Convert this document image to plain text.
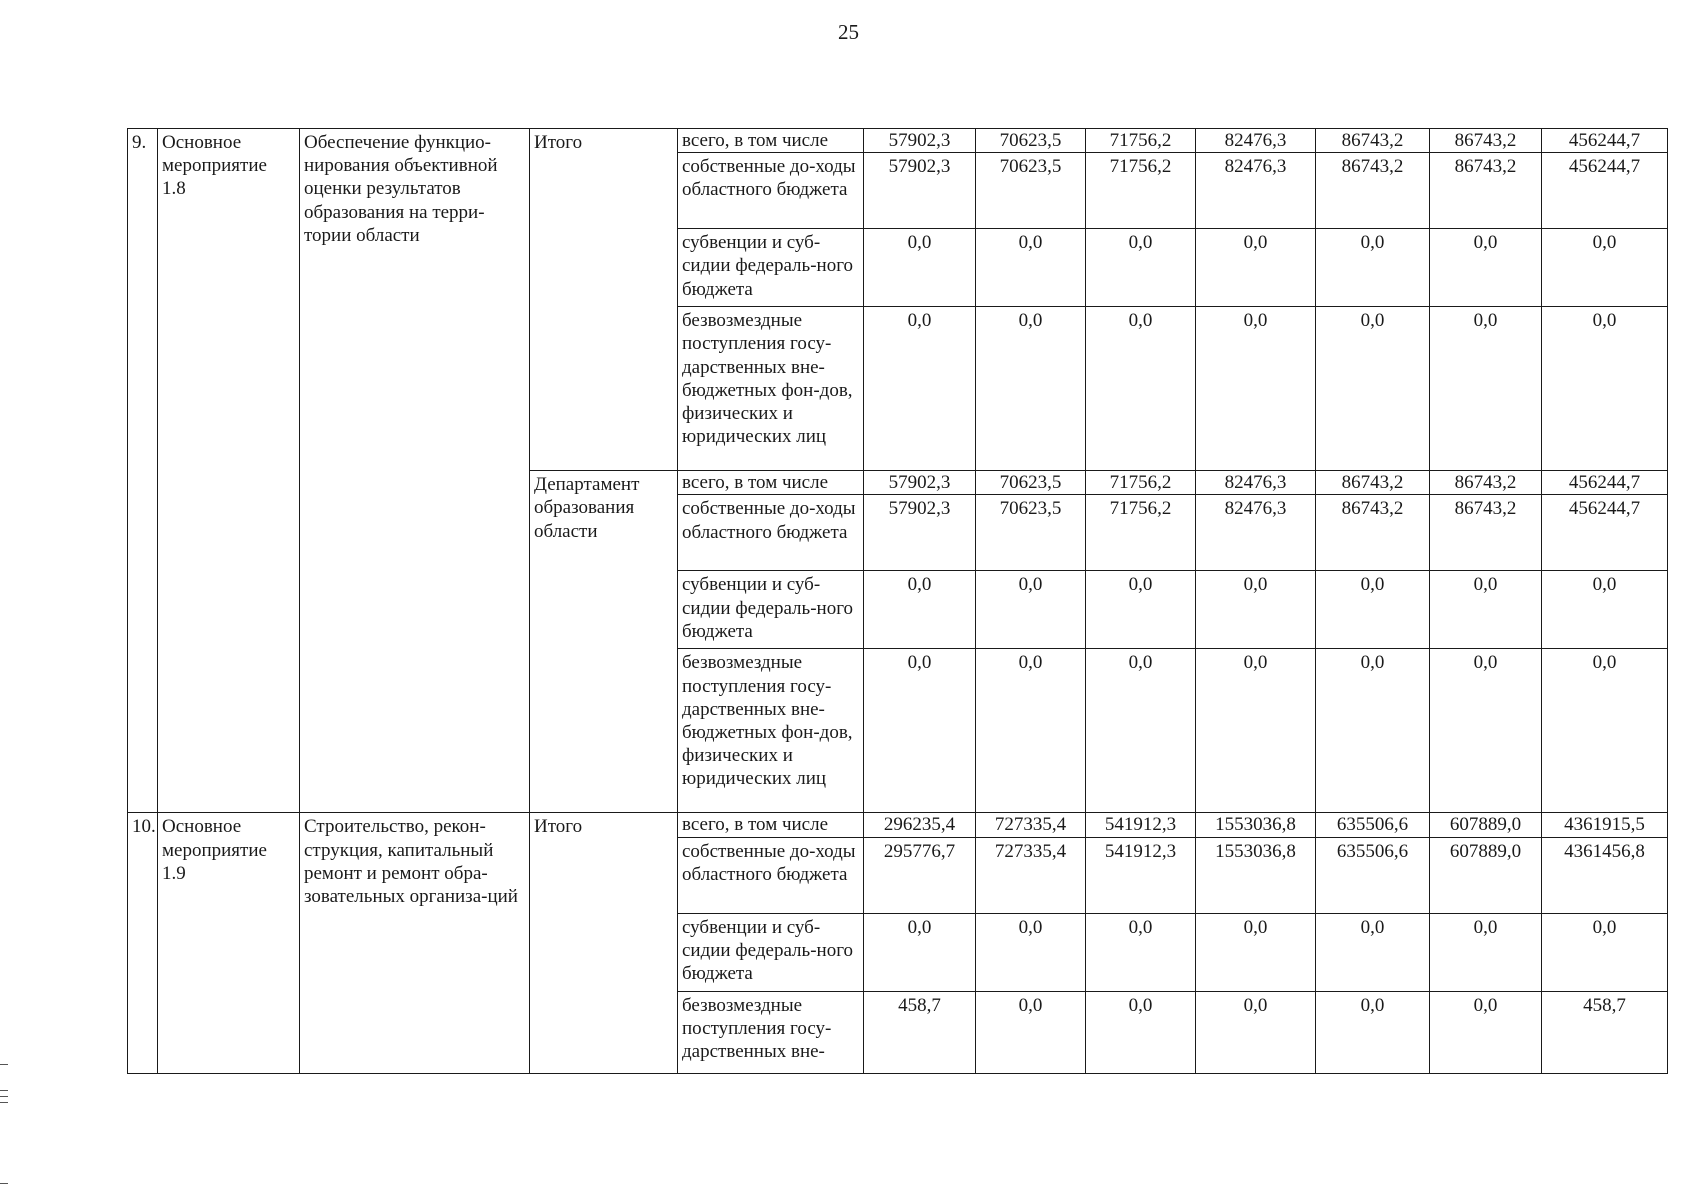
25
9.	Основное мероприятие 1.8	Обеспечение функцио-нирования объективной оценки результатов образования на терри-тории области	Итого	всего, в том числе	57902,3	70623,5	71756,2	82476,3	86743,2	86743,2	456244,7
				собственные до-ходы областного бюджета	57902,3	70623,5	71756,2	82476,3	86743,2	86743,2	456244,7
				субвенции и суб-сидии федераль-ного бюджета	0,0	0,0	0,0	0,0	0,0	0,0	0,0
				безвозмездные поступления госу-дарственных вне-бюджетных фон-дов, физических и юридических лиц	0,0	0,0	0,0	0,0	0,0	0,0	0,0
			Департамент образования области	всего, в том числе	57902,3	70623,5	71756,2	82476,3	86743,2	86743,2	456244,7
				собственные до-ходы областного бюджета	57902,3	70623,5	71756,2	82476,3	86743,2	86743,2	456244,7
				субвенции и суб-сидии федераль-ного бюджета	0,0	0,0	0,0	0,0	0,0	0,0	0,0
				безвозмездные поступления госу-дарственных вне-бюджетных фон-дов, физических и юридических лиц	0,0	0,0	0,0	0,0	0,0	0,0	0,0
10.	Основное мероприятие 1.9	Строительство, рекон-струкция, капитальный ремонт и ремонт обра-зовательных организа-ций	Итого	всего, в том числе	296235,4	727335,4	541912,3	1553036,8	635506,6	607889,0	4361915,5
				собственные до-ходы областного бюджета	295776,7	727335,4	541912,3	1553036,8	635506,6	607889,0	4361456,8
				субвенции и суб-сидии федераль-ного бюджета	0,0	0,0	0,0	0,0	0,0	0,0	0,0
				безвозмездные поступления госу-дарственных вне-	458,7	0,0	0,0	0,0	0,0	0,0	458,7
